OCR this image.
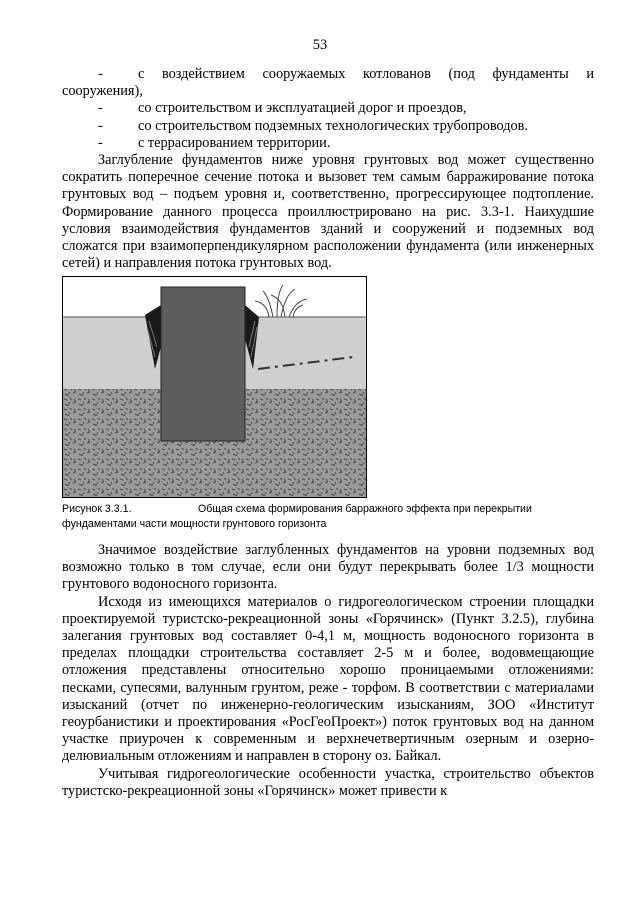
53

- с воздействием сооружаемых котлованов (под фундаменты и сооружения),

- со строительством и эксплуатацией дорог и проездов,

- со строительством подземных технологических трубопроводов.

- с террасированием территории.

Заглубление фундаментов ниже уровня грунтовых вод может существенно сократить поперечное сечение потока и вызовет тем самым барражирование потока грунтовых вод – подъем уровня и, соответственно, прогрессирующее подтопление. Формирование данного процесса проиллюстрировано на рис. 3.3-1. Наихудшие условия взаимодействия фундаментов зданий и сооружений и подземных вод сложатся при взаимоперпендикулярном расположении фундамента (или инженерных сетей) и направления потока грунтовых вод.

Рисунок 3.3.1.	Общая схема формирования барражного эффекта при перекрытии фундаментами части мощности грунтового горизонта

Значимое воздействие заглубленных фундаментов на уровни подземных вод возможно только в том случае, если они будут перекрывать более 1/3 мощности грунтового водоносного горизонта.

Исходя из имеющихся материалов о гидрогеологическом строении площадки проектируемой туристско-рекреационной зоны «Горячинск» (Пункт 3.2.5), глубина залегания грунтовых вод составляет 0-4,1 м, мощность водоносного горизонта в пределах площадки строительства составляет 2-5 м и более, водовмещающие отложения представлены относительно хорошо проницаемыми отложениями: песками, супесями, валунным грунтом, реже - торфом. В соответствии с материалами изысканий (отчет по инженерно-геологическим изысканиям, ЗОО «Институт геоурбанистики и проектирования «РосГеоПроект») поток грунтовых вод на данном участке приурочен к современным и верхнечетвертичным озерным и озерно-делювиальным отложениям и направлен в сторону оз. Байкал.

Учитывая гидрогеологические особенности участка, строительство объектов туристско-рекреационной зоны «Горячинск» может привести к
